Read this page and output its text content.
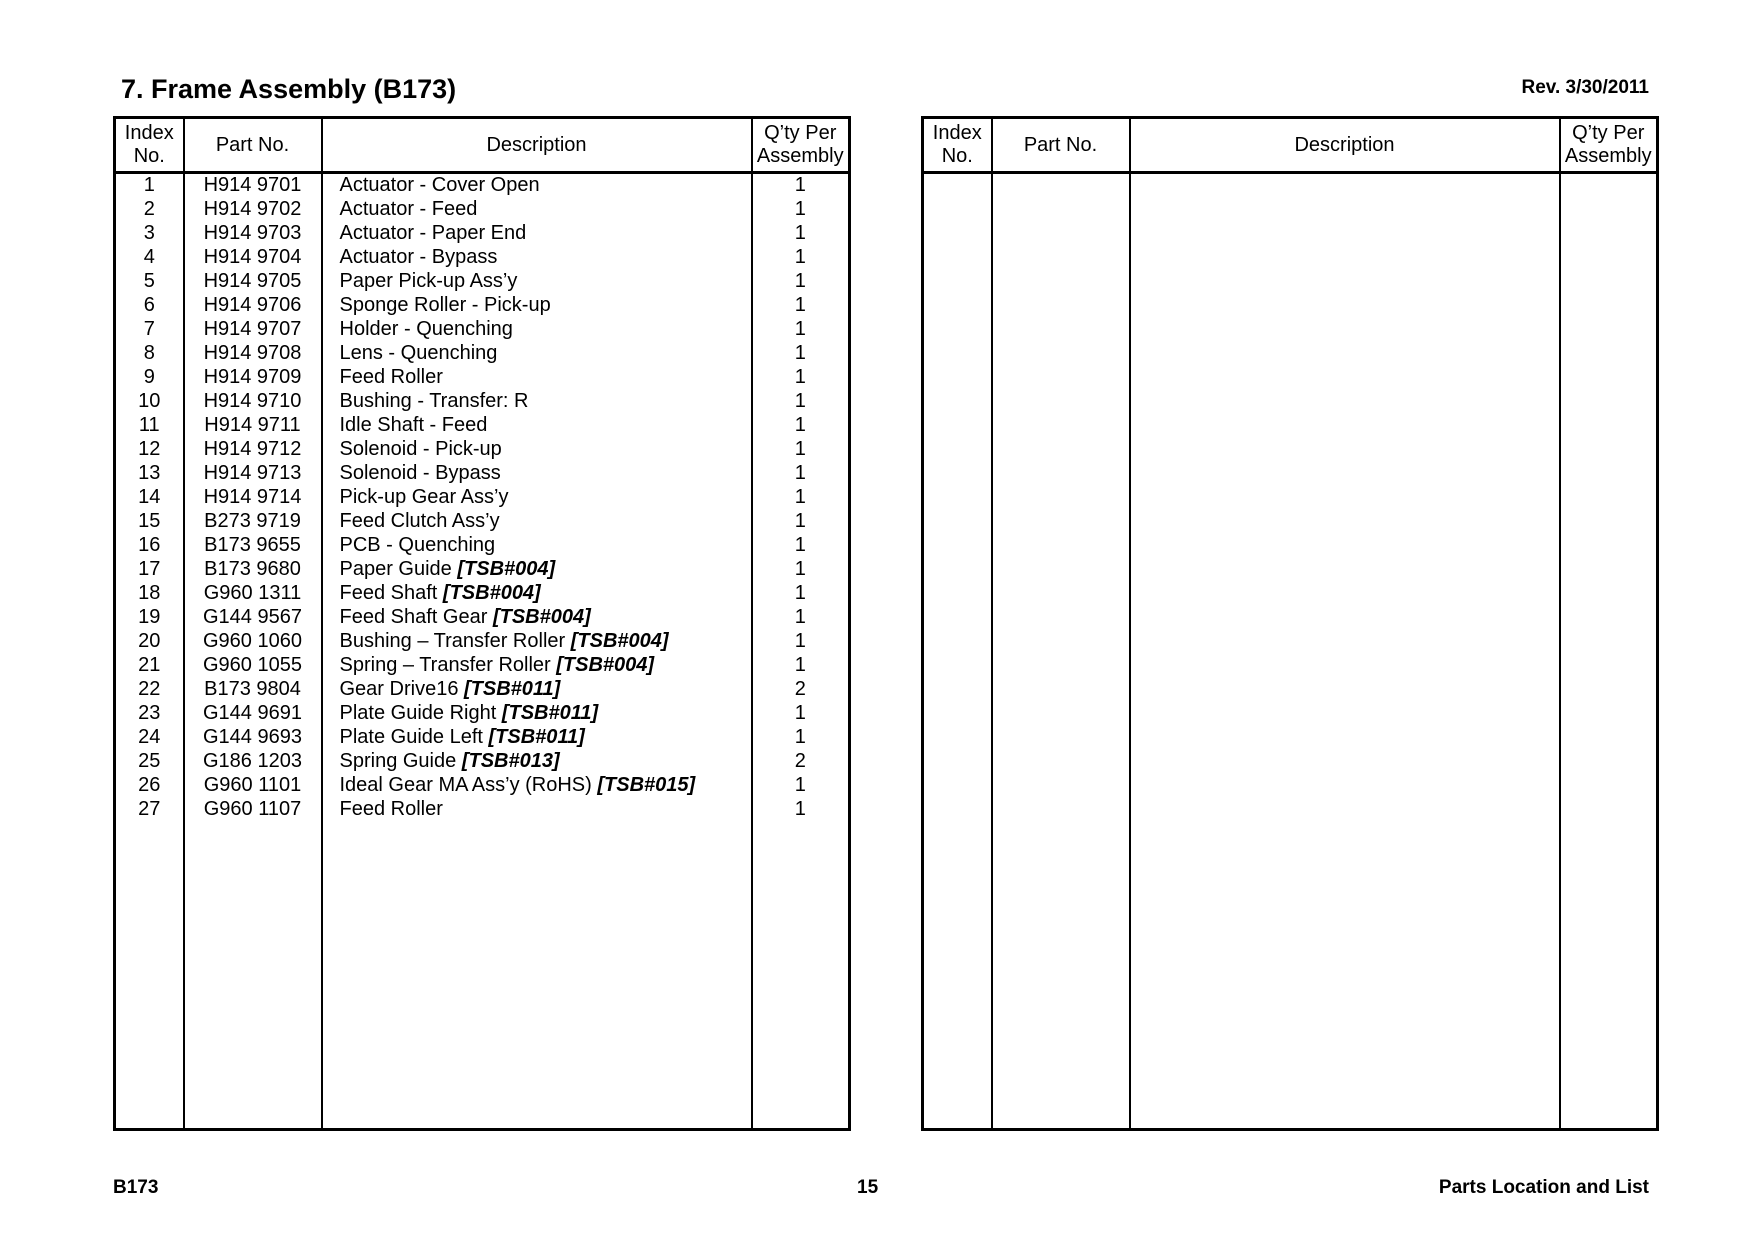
7. Frame Assembly (B173)	Rev. 3/30/2011
Index No.	Part No.	Description	Q’ty Per Assembly
1	H914 9701	Actuator - Cover Open	1
2	H914 9702	Actuator - Feed	1
3	H914 9703	Actuator - Paper End	1
4	H914 9704	Actuator - Bypass	1
5	H914 9705	Paper Pick-up Ass’y	1
6	H914 9706	Sponge Roller - Pick-up	1
7	H914 9707	Holder - Quenching	1
8	H914 9708	Lens - Quenching	1
9	H914 9709	Feed Roller	1
10	H914 9710	Bushing - Transfer: R	1
11	H914 9711	Idle Shaft - Feed	1
12	H914 9712	Solenoid - Pick-up	1
13	H914 9713	Solenoid - Bypass	1
14	H914 9714	Pick-up Gear Ass’y	1
15	B273 9719	Feed Clutch Ass’y	1
16	B173 9655	PCB - Quenching	1
17	B173 9680	Paper Guide [TSB#004]	1
18	G960 1311	Feed Shaft [TSB#004]	1
19	G144 9567	Feed Shaft Gear [TSB#004]	1
20	G960 1060	Bushing – Transfer Roller [TSB#004]	1
21	G960 1055	Spring – Transfer Roller [TSB#004]	1
22	B173 9804	Gear Drive16 [TSB#011]	2
23	G144 9691	Plate Guide Right [TSB#011]	1
24	G144 9693	Plate Guide Left [TSB#011]	1
25	G186 1203	Spring Guide [TSB#013]	2
26	G960 1101	Ideal Gear MA Ass’y (RoHS) [TSB#015]	1
27	G960 1107	Feed Roller	1

Index No.	Part No.	Description	Q’ty Per Assembly

B173	15	Parts Location and List
